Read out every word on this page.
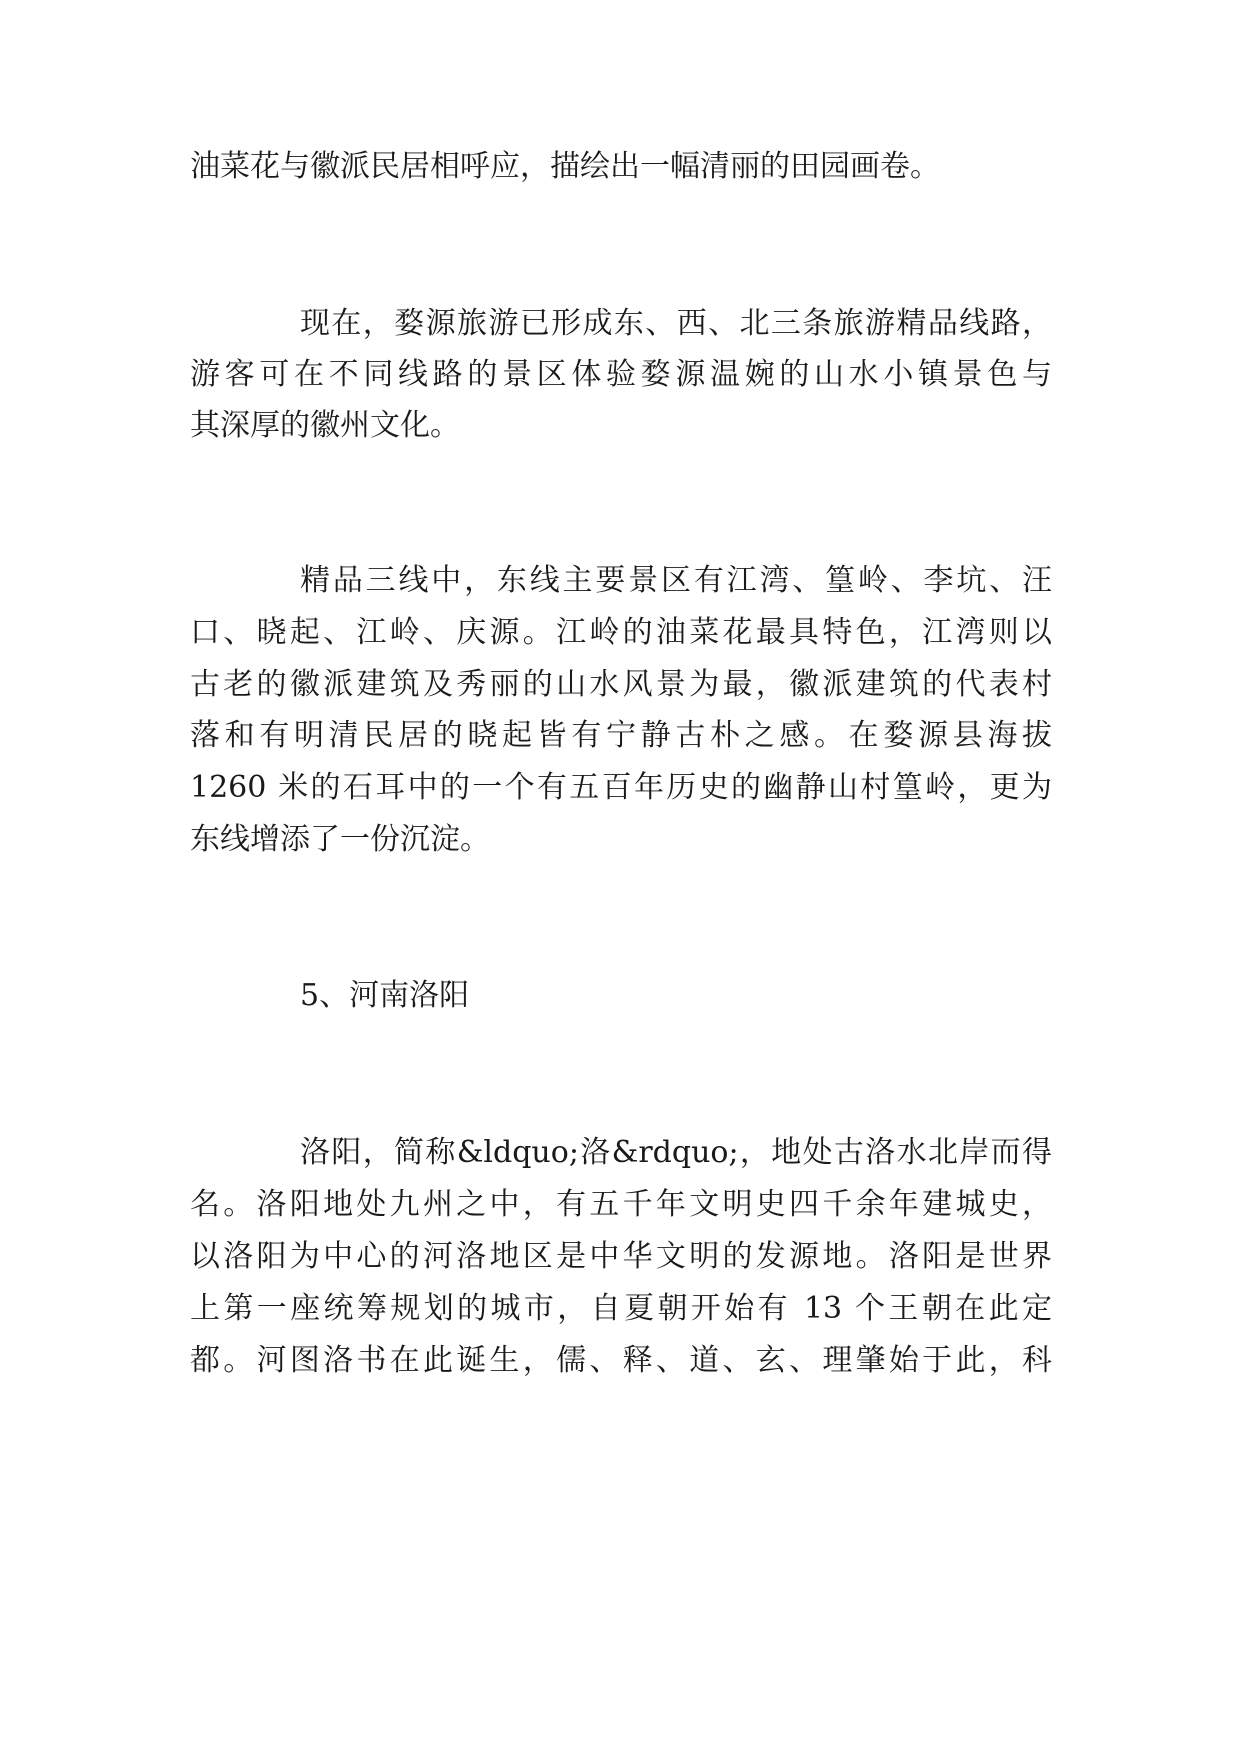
油菜花与徽派民居相呼应，描绘出一幅清丽的田园画卷。
现在，婺源旅游已形成东、西、北三条旅游精品线路，
游客可在不同线路的景区体验婺源温婉的山水小镇景色与
其深厚的徽州文化。
精品三线中，东线主要景区有江湾、篁岭、李坑、汪
口、晓起、江岭、庆源。江岭的油菜花最具特色，江湾则以
古老的徽派建筑及秀丽的山水风景为最，徽派建筑的代表村
落和有明清民居的晓起皆有宁静古朴之感。在婺源县海拔
1260 米的石耳中的一个有五百年历史的幽静山村篁岭，更为
东线增添了一份沉淀。
5、河南洛阳
洛阳，简称&ldquo;洛&rdquo;，地处古洛水北岸而得
名。洛阳地处九州之中，有五千年文明史四千余年建城史，
以洛阳为中心的河洛地区是中华文明的发源地。洛阳是世界
上第一座统筹规划的城市，自夏朝开始有 13 个王朝在此定
都。河图洛书在此诞生，儒、释、道、玄、理肇始于此，科
